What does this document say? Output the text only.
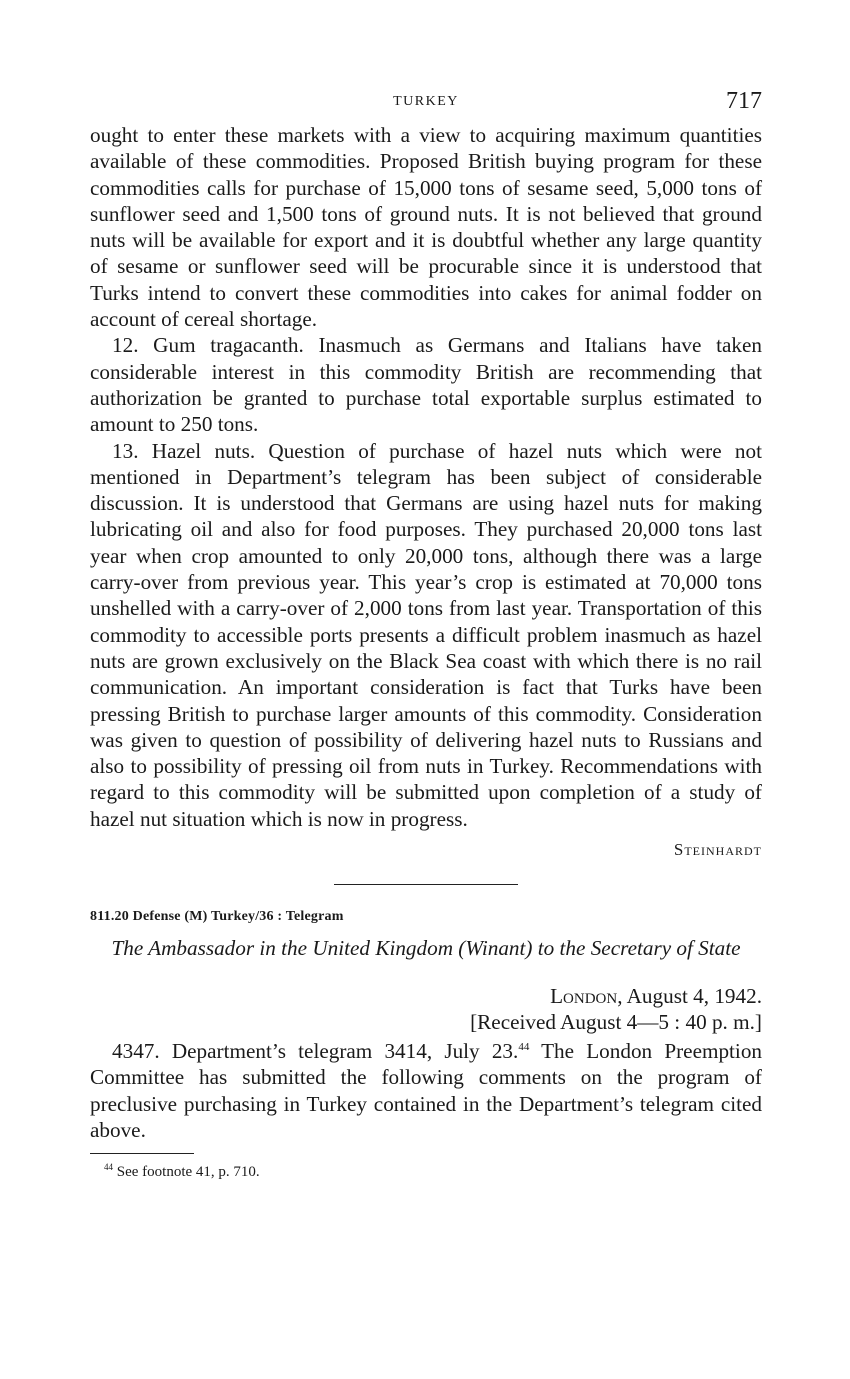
TURKEY	717

ought to enter these markets with a view to acquiring maximum quantities available of these commodities. Proposed British buying program for these commodities calls for purchase of 15,000 tons of sesame seed, 5,000 tons of sunflower seed and 1,500 tons of ground nuts. It is not believed that ground nuts will be available for export and it is doubtful whether any large quantity of sesame or sunflower seed will be procurable since it is understood that Turks intend to convert these commodities into cakes for animal fodder on account of cereal shortage.

12. Gum tragacanth. Inasmuch as Germans and Italians have taken considerable interest in this commodity British are recommending that authorization be granted to purchase total exportable surplus estimated to amount to 250 tons.

13. Hazel nuts. Question of purchase of hazel nuts which were not mentioned in Department’s telegram has been subject of considerable discussion. It is understood that Germans are using hazel nuts for making lubricating oil and also for food purposes. They purchased 20,000 tons last year when crop amounted to only 20,000 tons, although there was a large carry-over from previous year. This year’s crop is estimated at 70,000 tons unshelled with a carry-over of 2,000 tons from last year. Transportation of this commodity to accessible ports presents a difficult problem inasmuch as hazel nuts are grown exclusively on the Black Sea coast with which there is no rail communication. An important consideration is fact that Turks have been pressing British to purchase larger amounts of this commodity. Consideration was given to question of possibility of delivering hazel nuts to Russians and also to possibility of pressing oil from nuts in Turkey. Recommendations with regard to this commodity will be submitted upon completion of a study of hazel nut situation which is now in progress.

Steinhardt
811.20 Defense (M) Turkey/36 : Telegram
The Ambassador in the United Kingdom (Winant) to the Secretary of State
London, August 4, 1942.
[Received August 4—5 : 40 p. m.]

4347. Department’s telegram 3414, July 23.44 The London Preemption Committee has submitted the following comments on the program of preclusive purchasing in Turkey contained in the Department’s telegram cited above.

$^{44}$ See footnote 41, p. 710.
